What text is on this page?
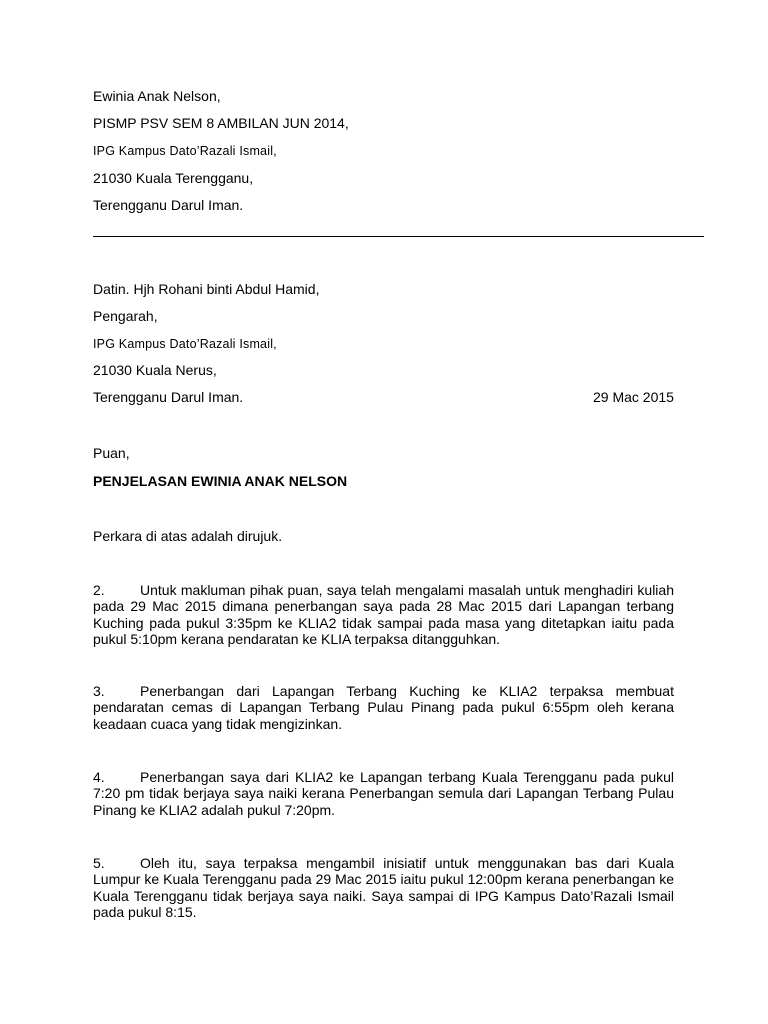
Ewinia Anak Nelson,
PISMP PSV SEM 8 AMBILAN JUN 2014,
IPG Kampus Dato’Razali Ismail,
21030 Kuala Terengganu,
Terengganu Darul Iman.
Datin. Hjh Rohani binti Abdul Hamid,
Pengarah,
IPG Kampus Dato’Razali Ismail,
21030 Kuala Nerus,
Terengganu Darul Iman.	29 Mac 2015
Puan,
PENJELASAN EWINIA ANAK NELSON
Perkara di atas adalah dirujuk.

2.	Untuk makluman pihak puan, saya telah mengalami masalah untuk menghadiri kuliah pada 29 Mac 2015 dimana penerbangan saya pada 28 Mac 2015 dari Lapangan terbang Kuching pada pukul 3:35pm ke KLIA2 tidak sampai pada masa yang ditetapkan iaitu pada pukul 5:10pm kerana pendaratan ke KLIA terpaksa ditangguhkan.

3.	Penerbangan dari Lapangan Terbang Kuching ke KLIA2 terpaksa membuat pendaratan cemas di Lapangan Terbang Pulau Pinang pada pukul 6:55pm oleh kerana keadaan cuaca yang tidak mengizinkan.

4.	Penerbangan saya dari KLIA2 ke Lapangan terbang Kuala Terengganu pada pukul 7:20 pm tidak berjaya saya naiki kerana Penerbangan semula dari Lapangan Terbang Pulau Pinang ke KLIA2 adalah pukul 7:20pm.

5.	Oleh itu, saya terpaksa mengambil inisiatif untuk menggunakan bas dari Kuala Lumpur ke Kuala Terengganu pada 29 Mac 2015 iaitu pukul 12:00pm kerana penerbangan ke Kuala Terengganu tidak berjaya saya naiki. Saya sampai di IPG Kampus Dato’Razali Ismail pada pukul 8:15.
